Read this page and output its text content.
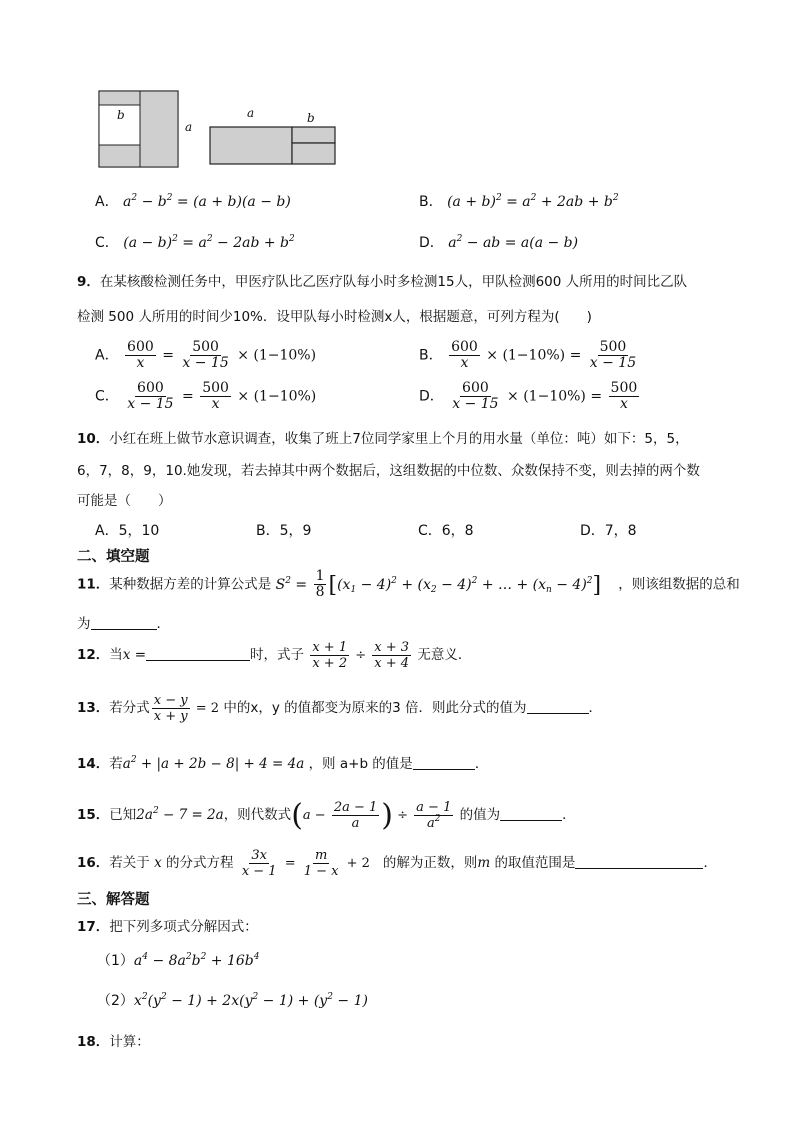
b
a
a	b
A． $a^2 - b^2 = (a + b)(a - b)$	B． $(a + b)^2 = a^2 + 2ab + b^2$
C． $(a - b)^2 = a^2 - 2ab + b^2$	D． $a^2$ − ab = a(a − b)
9．在某核酸检测任务中，甲医疗队比乙医疗队每小时多检测15人，甲队检测600 人所用的时间比乙队
检测 500 人所用的时间少10%．设甲队每小时检测x人，根据题意，可列方程为(　　)
A． $\frac{600}{x} = \frac{500}{x - 15} \times (1-10\%)$	B． $\frac{600}{x} \times (1-10\%) = \frac{500}{x - 15}$
C． $\frac{600}{x - 15} = \frac{500}{x} \times (1-10\%)$	D． $\frac{600}{x - 15} \times (1-10\%) = \frac{500}{x}$
10．小红在班上做节水意识调查，收集了班上7位同学家里上个月的用水量（单位：吨）如下：5，5，
6，7，8，9，10.她发现，若去掉其中两个数据后，这组数据的中位数、众数保持不变，则去掉的两个数
可能是（　　）
A．5，10	B．5，9	C．6，8	D．7，8
二、填空题
11．某种数据方差的计算公式是 $S^2 = \frac{1}{8} [(x_1 - 4)^2 + (x_2 - 4)^2$ + … + $(x_n - 4)^2$] ，则该组数据的总和
为	．
12．当x =	时，式子 $\frac{x + 1}{x + 2} \div \frac{x + 3}{x + 4}$ 无意义．
13．若分式 $\frac{x - y}{x + y} = 2$ 中的x，y 的值都变为原来的3 倍．则此分式的值为	．
14．若$a^2 + |a + 2b - 8| + 4 = 4a$ ，则 a+b 的值是	．
15．已知$2a^2 - 7 = 2a$，则代数式($a - \frac{2a - 1}{a}$ ) ÷ $\frac{a - 1}{a^2}$ 的值为	．
16．若关于 x 的分式方程 $\frac{3x}{x - 1} = \frac{m}{1 - x} + 2$ 的解为正数，则m 的取值范围是	．
三、解答题
17．把下列多项式分解因式：
$(1)a^4 - 8a^2b^2 + 16b^4$
$(2)x^2(y^2 - 1) + 2x(y^2 - 1) + (y^2 - 1)$
18．计算：
